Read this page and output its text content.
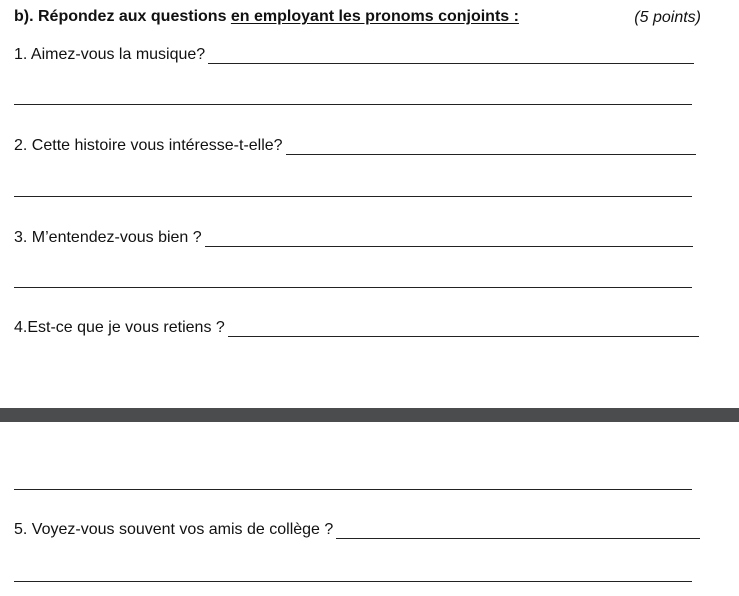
b). Répondez aux questions en employant les pronoms conjoints :	(5 points)
1. Aimez-vous la musique?
2. Cette histoire vous intéresse-t-elle?
3. M’entendez-vous bien ?
4.Est-ce que je vous retiens ?
5. Voyez-vous souvent vos amis de collège ?
